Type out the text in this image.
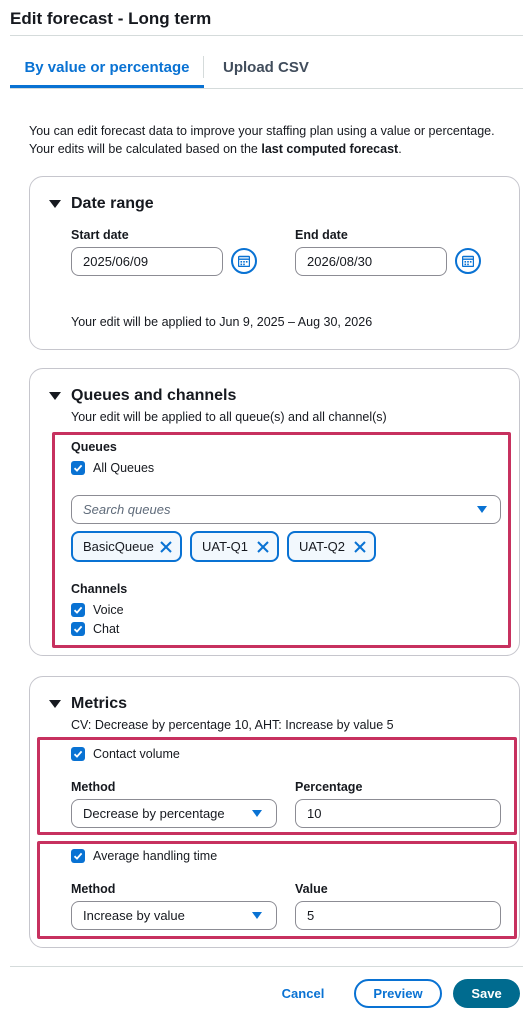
Edit forecast - Long term
By value or percentage	Upload CSV
You can edit forecast data to improve your staffing plan using a value or percentage.
Your edits will be calculated based on the last computed forecast.
Date range
Start date
2025/06/09
End date
2026/08/30
Your edit will be applied to Jun 9, 2025 – Aug 30, 2026
Queues and channels
Your edit will be applied to all queue(s) and all channel(s)
Queues
All Queues
Search queues
Channels
Voice
Chat
BasicQueue	UAT-Q1	UAT-Q2
Metrics
CV: Decrease by percentage 10, AHT: Increase by value 5
Contact volume
Method
Decrease by percentage
Percentage
10
Average handling time
Method
Increase by value
Value
5
Cancel	Preview	Save
